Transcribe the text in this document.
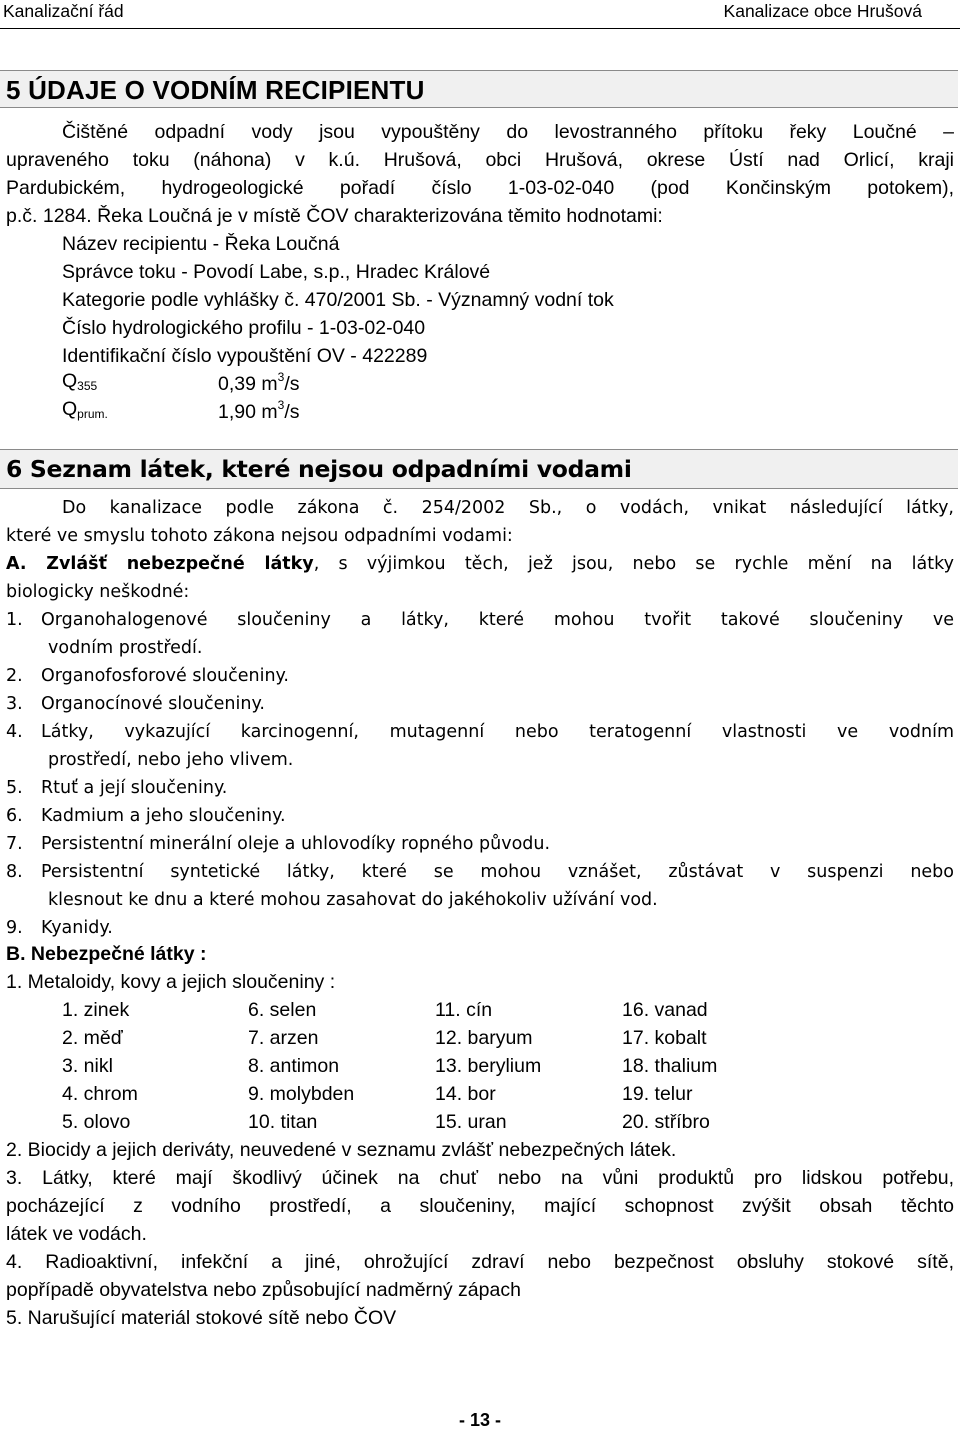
Kanalizační řád	Kanalizace obce Hrušová
5 ÚDAJE O VODNÍM RECIPIENTU
Čištěné odpadní vody jsou vypouštěny do levostranného přítoku řeky Loučné –
upraveného toku (náhona) v k.ú. Hrušová, obci Hrušová, okrese Ústí nad Orlicí, kraji
Pardubickém, hydrogeologické pořadí číslo 1-03-02-040 (pod Končinským potokem),
p.č. 1284. Řeka Loučná je v místě ČOV charakterizována těmito hodnotami:
Název recipientu - Řeka Loučná
Správce toku - Povodí Labe, s.p., Hradec Králové
Kategorie podle vyhlášky č. 470/2001 Sb. - Významný vodní tok
Číslo hydrologického profilu - 1-03-02-040
Identifikační číslo vypouštění OV - 422289
$Q_{355}$	0,39 $m^3/s$
$Q_{prum.}$	1,90 $m^3/s$
6 Seznam látek, které nejsou odpadními vodami
Do kanalizace podle zákona č. 254/2002 Sb., o vodách, vnikat následující látky,
které ve smyslu tohoto zákona nejsou odpadními vodami:
A. Zvlášť nebezpečné látky, s výjimkou těch, jež jsou, nebo se rychle mění na látky
biologicky neškodné:
1. Organohalogenové sloučeniny a látky, které mohou tvořit takové sloučeniny ve
vodním prostředí.
2. Organofosforové sloučeniny.
3. Organocínové sloučeniny.
4. Látky, vykazující karcinogenní, mutagenní nebo teratogenní vlastnosti ve vodním
prostředí, nebo jeho vlivem.
5. Rtuť a její sloučeniny.
6. Kadmium a jeho sloučeniny.
7. Persistentní minerální oleje a uhlovodíky ropného původu.
8. Persistentní syntetické látky, které se mohou vznášet, zůstávat v suspenzi nebo
klesnout ke dnu a které mohou zasahovat do jakéhokoliv užívání vod.
9. Kyanidy.
B. Nebezpečné látky :
1. Metaloidy, kovy a jejich sloučeniny :
1. zinek	6. selen	11. cín	16. vanad
2. měď	7. arzen	12. baryum	17. kobalt
3. nikl	8. antimon	13. berylium	18. thalium
4. chrom	9. molybden	14. bor	19. telur
5. olovo	10. titan	15. uran	20. stříbro
2. Biocidy a jejich deriváty, neuvedené v seznamu zvlášť nebezpečných látek.
3. Látky, které mají škodlivý účinek na chuť nebo na vůni produktů pro lidskou potřebu,
pocházející z vodního prostředí, a sloučeniny, mající schopnost zvýšit obsah těchto
látek ve vodách.
4. Radioaktivní, infekční a jiné, ohrožující zdraví nebo bezpečnost obsluhy stokové sítě,
popřípadě obyvatelstva nebo způsobující nadměrný zápach
5. Narušující materiál stokové sítě nebo ČOV
- 13 -
